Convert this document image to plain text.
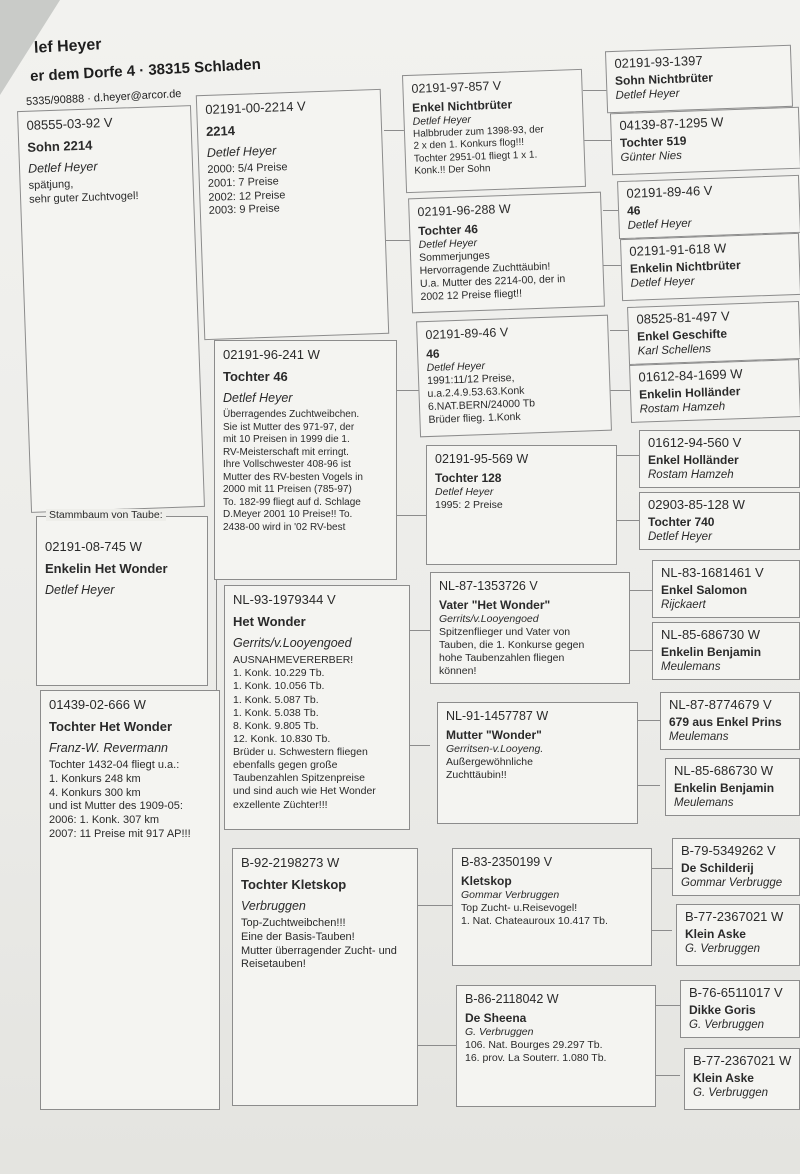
lef Heyer
er dem Dorfe 4 · 38315 Schladen
5335/90888 · d.heyer@arcor.de
08555-03-92 V
Sohn 2214
Detlef Heyer
spätjung,
sehr guter Zuchtvogel!
02191-08-745 W
Enkelin Het Wonder
Detlef Heyer
Stammbaum von Taube:
02191-00-2214 V
2214
Detlef Heyer
2000: 5/4 Preise
2001: 7 Preise
2002: 12 Preise
2003: 9 Preise
01439-02-666 W
Tochter Het Wonder
Franz-W. Revermann
Tochter 1432-04 fliegt u.a.:
1. Konkurs 248 km
4. Konkurs 300 km
und ist Mutter des 1909-05:
2006: 1. Konk. 307 km
2007: 11 Preise mit 917 AP!!!
02191-96-241 W
Tochter 46
Detlef Heyer
Überragendes Zuchtweibchen.
Sie ist Mutter des 971-97, der
mit 10 Preisen in 1999 die 1.
RV-Meisterschaft mit erringt.
Ihre Vollschwester 408-96 ist
Mutter des RV-besten Vogels in
2000 mit 11 Preisen (785-97)
To. 182-99 fliegt auf d. Schlage
D.Meyer 2001 10 Preise!! To.
2438-00 wird in '02 RV-best
NL-93-1979344 V
Het Wonder
Gerrits/v.Looyengoed
AUSNAHMEVERERBER!
1. Konk. 10.229 Tb.
1. Konk. 10.056 Tb.
1. Konk. 5.087 Tb.
1. Konk. 5.038 Tb.
8. Konk. 9.805 Tb.
12. Konk. 10.830 Tb.
Brüder u. Schwestern fliegen
ebenfalls gegen große
Taubenzahlen Spitzenpreise
und sind auch wie Het Wonder
exzellente Züchter!!!
B-92-2198273 W
Tochter Kletskop
Verbruggen
Top-Zuchtweibchen!!!
Eine der Basis-Tauben!
Mutter überragender Zucht- und
Reisetauben!
02191-97-857 V
Enkel Nichtbrüter
Detlef Heyer
Halbbruder zum 1398-93, der
2 x den 1. Konkurs flog!!!
Tochter 2951-01 fliegt 1 x 1.
Konk.!! Der Sohn
02191-96-288 W
Tochter 46
Detlef Heyer
Sommerjunges
Hervorragende Zuchttäubin!
U.a. Mutter des 2214-00, der in
2002 12 Preise fliegt!!
02191-89-46 V
46
Detlef Heyer
1991:11/12 Preise,
u.a.2.4.9.53.63.Konk
6.NAT.BERN/24000 Tb
Brüder flieg. 1.Konk
02191-95-569 W
Tochter 128
Detlef Heyer
1995: 2 Preise
NL-87-1353726 V
Vater "Het Wonder"
Gerrits/v.Looyengoed
Spitzenflieger und Vater von
Tauben, die 1. Konkurse gegen
hohe Taubenzahlen fliegen
können!
NL-91-1457787 W
Mutter "Wonder"
Gerritsen-v.Looyeng.
Außergewöhnliche
Zuchttäubin!!
B-83-2350199 V
Kletskop
Gommar Verbruggen
Top Zucht- u.Reisevogel!
1. Nat. Chateauroux 10.417 Tb.
B-86-2118042 W
De Sheena
G. Verbruggen
106. Nat. Bourges 29.297 Tb.
16. prov. La Souterr. 1.080 Tb.
02191-93-1397
Sohn Nichtbrüter
Detlef Heyer
04139-87-1295 W
Tochter 519
Günter Nies
02191-89-46 V
46
Detlef Heyer
02191-91-618 W
Enkelin Nichtbrüter
Detlef Heyer
08525-81-497 V
Enkel Geschifte
Karl Schellens
01612-84-1699 W
Enkelin Holländer
Rostam Hamzeh
01612-94-560 V
Enkel Holländer
Rostam Hamzeh
02903-85-128 W
Tochter 740
Detlef Heyer
NL-83-1681461 V
Enkel Salomon
Rijckaert
NL-85-686730 W
Enkelin Benjamin
Meulemans
NL-87-8774679 V
679 aus Enkel Prins
Meulemans
NL-85-686730 W
Enkelin Benjamin
Meulemans
B-79-5349262 V
De Schilderij
Gommar Verbrugge
B-77-2367021 W
Klein Aske
G. Verbruggen
B-76-6511017 V
Dikke Goris
G. Verbruggen
B-77-2367021 W
Klein Aske
G. Verbruggen
